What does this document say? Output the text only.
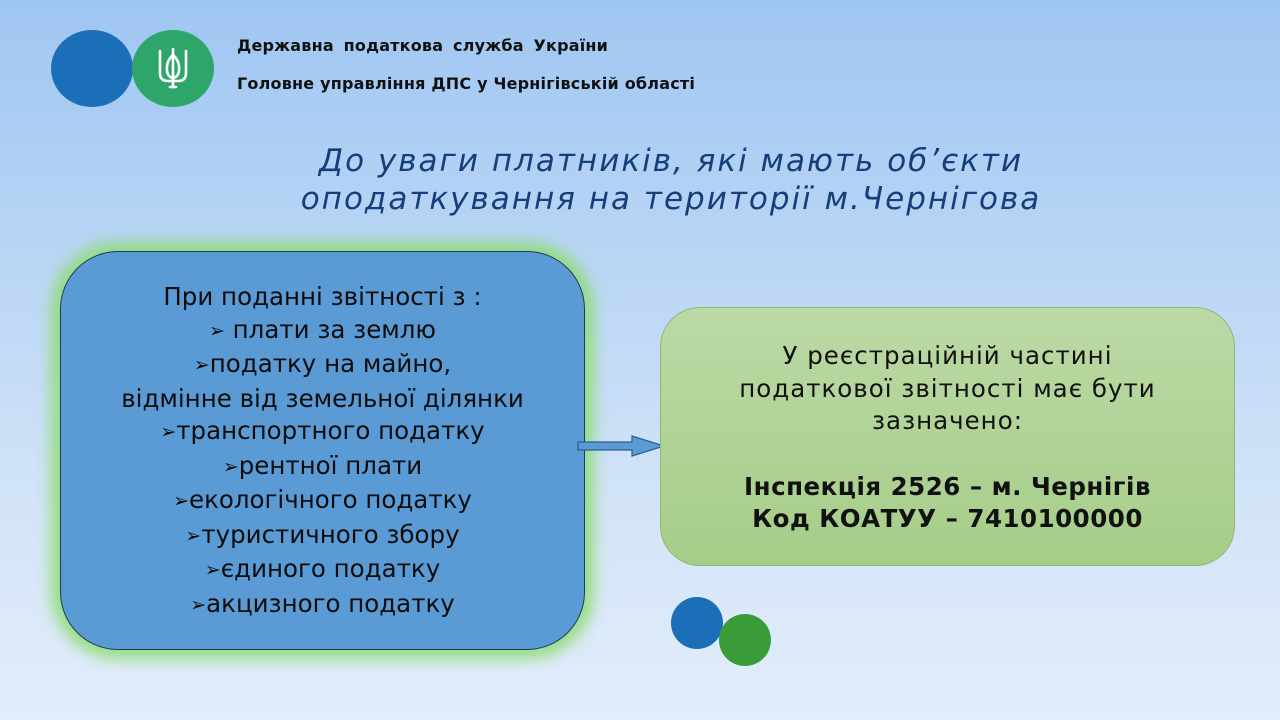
Державна податкова служба України
Головне управління ДПС у Чернігівській області
До уваги платників, які мають об’єкти
оподаткування на території м.Чернігова
При поданні звітності з :
➢ плати за землю
➢податку на майно,
відмінне від земельної ділянки
➢транспортного податку
➢рентної плати
➢екологічного податку
➢туристичного збору
➢єдиного податку
➢акцизного податку
У реєстраційній частині
податкової звітності має бути
зазначено:
Інспекція 2526 – м. Чернігів
Код КОАТУУ – 7410100000
